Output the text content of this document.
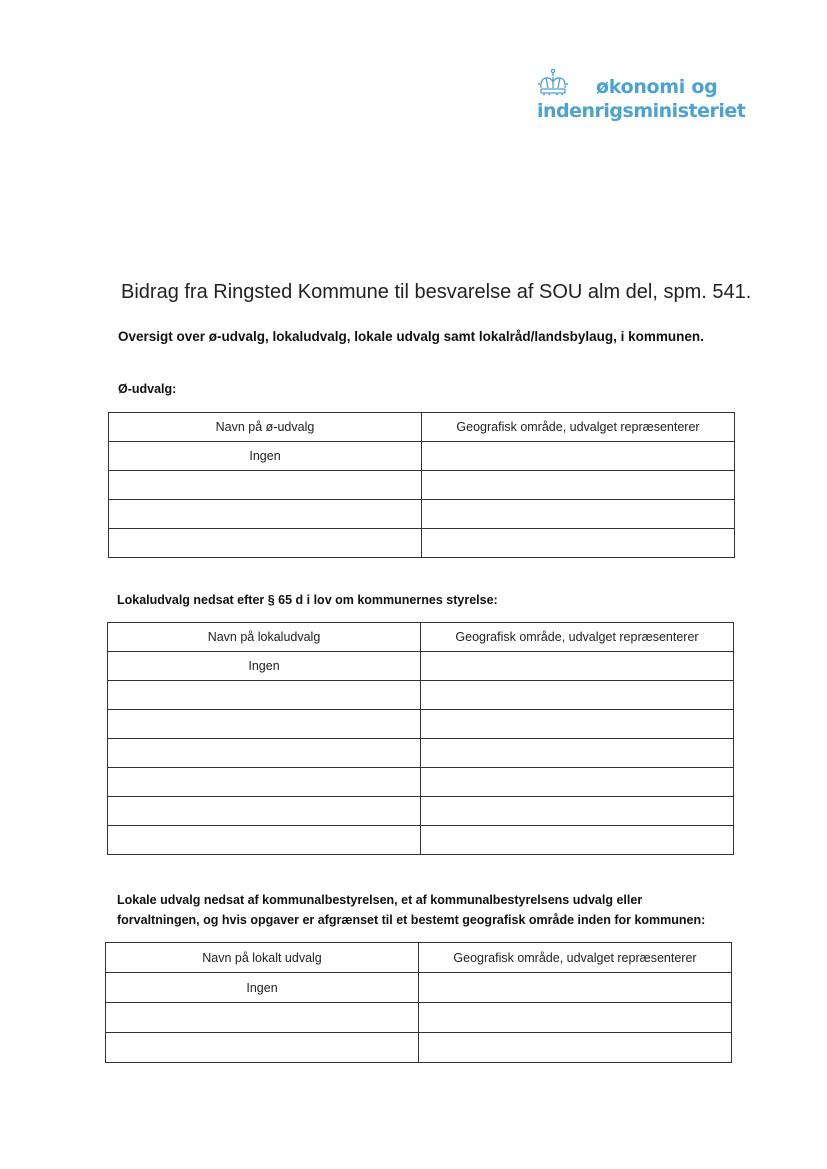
økonomi og
indenrigsministeriet
Bidrag fra Ringsted Kommune til besvarelse af SOU alm del, spm. 541.
Oversigt over ø-udvalg, lokaludvalg, lokale udvalg samt lokalråd/landsbylaug, i kommunen.
Ø-udvalg:
Navn på ø-udvalg	Geografisk område, udvalget repræsenterer
Ingen	

Lokaludvalg nedsat efter § 65 d i lov om kommunernes styrelse:
Navn på lokaludvalg	Geografisk område, udvalget repræsenterer
Ingen	

Lokale udvalg nedsat af kommunalbestyrelsen, et af kommunalbestyrelsens udvalg eller
forvaltningen, og hvis opgaver er afgrænset til et bestemt geografisk område inden for kommunen:
Navn på lokalt udvalg	Geografisk område, udvalget repræsenterer
Ingen	
